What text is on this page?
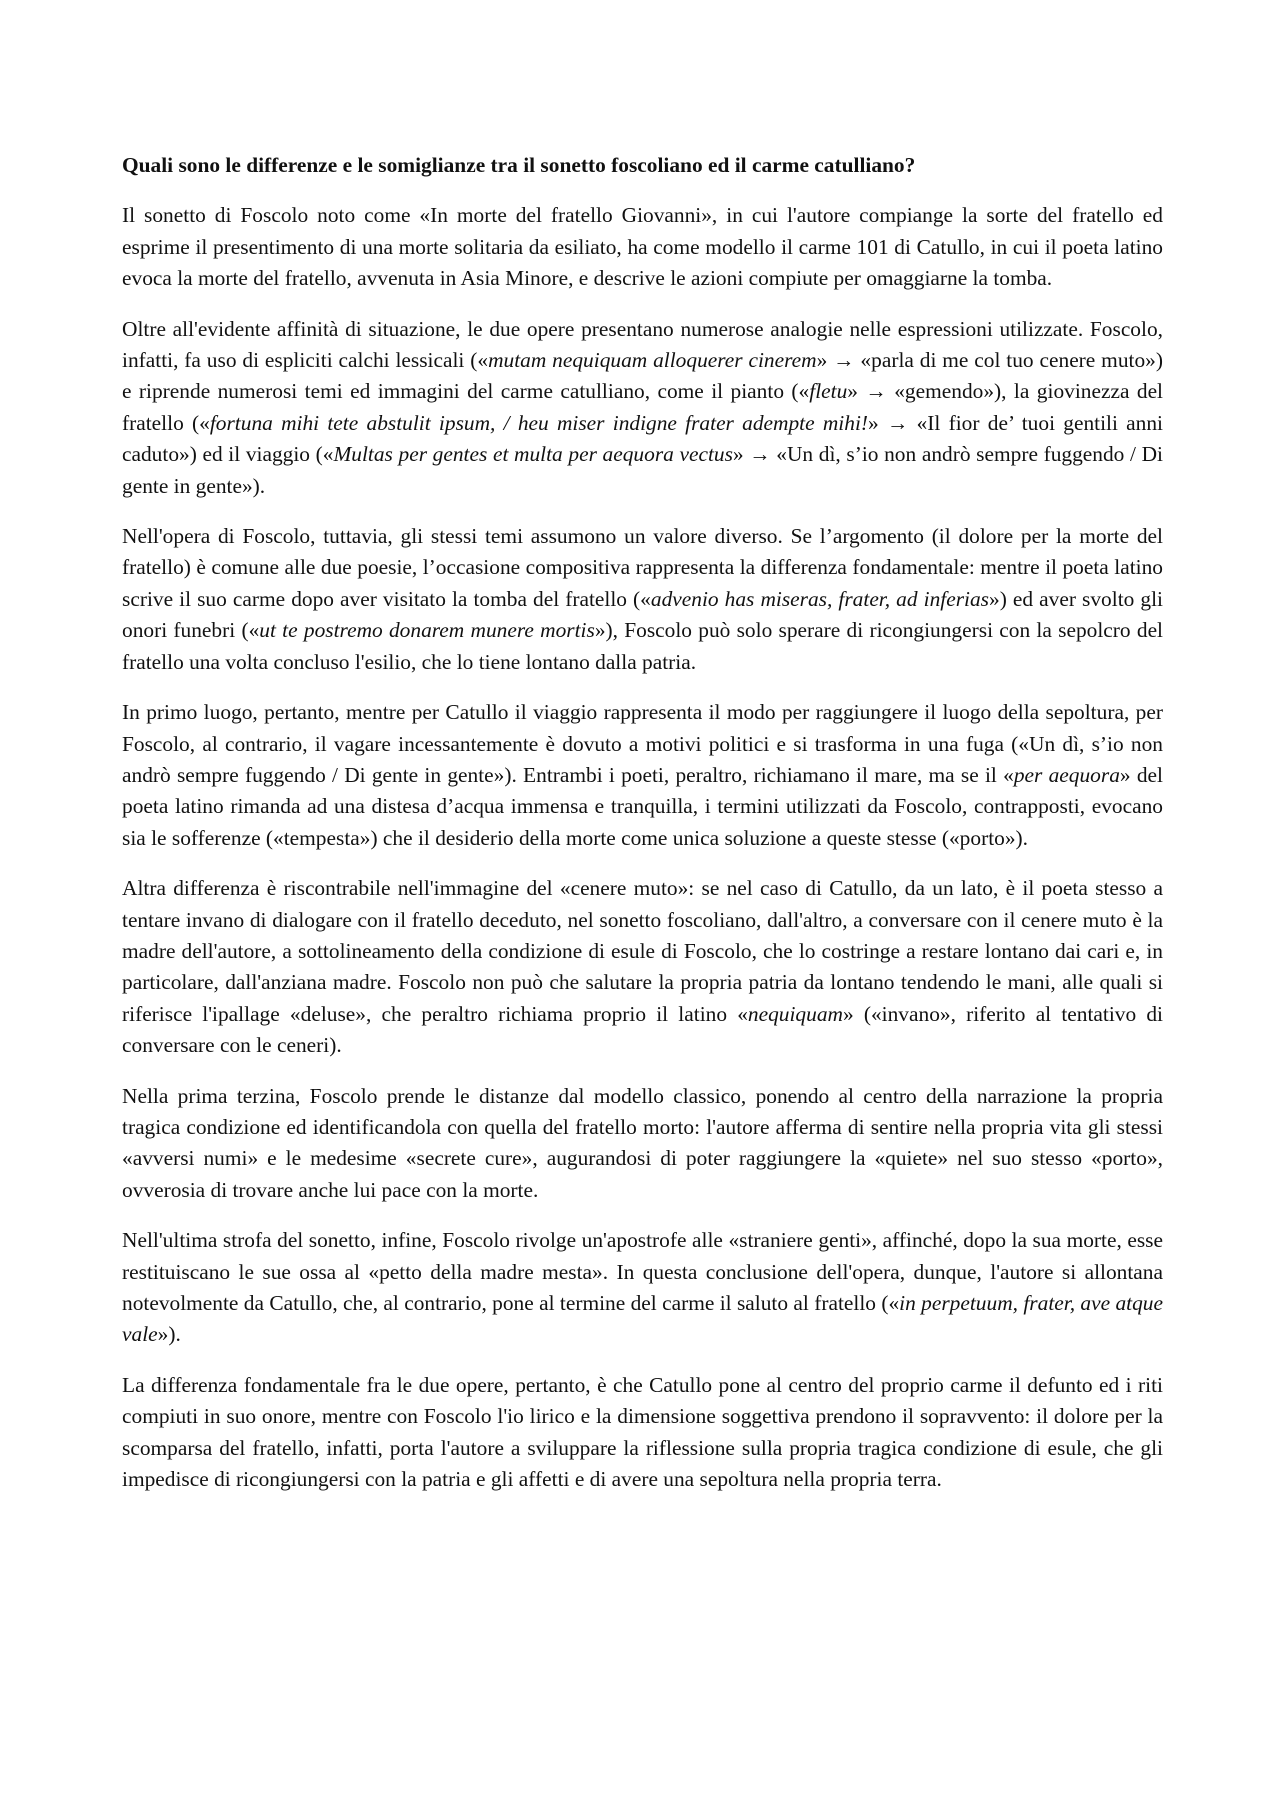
Quali sono le differenze e le somiglianze tra il sonetto foscoliano ed il carme catulliano?

Il sonetto di Foscolo noto come «In morte del fratello Giovanni», in cui l'autore compiange la sorte del fratello ed esprime il presentimento di una morte solitaria da esiliato, ha come modello il carme 101 di Catullo, in cui il poeta latino evoca la morte del fratello, avvenuta in Asia Minore, e descrive le azioni compiute per omaggiarne la tomba.

Oltre all'evidente affinità di situazione, le due opere presentano numerose analogie nelle espressioni utilizzate. Foscolo, infatti, fa uso di espliciti calchi lessicali («mutam nequiquam alloquerer cinerem» → «parla di me col tuo cenere muto») e riprende numerosi temi ed immagini del carme catulliano, come il pianto («fletu» → «gemendo»), la giovinezza del fratello («fortuna mihi tete abstulit ipsum, / heu miser indigne frater adempte mihi!» → «Il fior de’ tuoi gentili anni caduto») ed il viaggio («Multas per gentes et multa per aequora vectus» → «Un dì, s’io non andrò sempre fuggendo / Di gente in gente»).

Nell'opera di Foscolo, tuttavia, gli stessi temi assumono un valore diverso. Se l’argomento (il dolore per la morte del fratello) è comune alle due poesie, l’occasione compositiva rappresenta la differenza fondamentale: mentre il poeta latino scrive il suo carme dopo aver visitato la tomba del fratello («advenio has miseras, frater, ad inferias») ed aver svolto gli onori funebri («ut te postremo donarem munere mortis»), Foscolo può solo sperare di ricongiungersi con la sepolcro del fratello una volta concluso l'esilio, che lo tiene lontano dalla patria.

In primo luogo, pertanto, mentre per Catullo il viaggio rappresenta il modo per raggiungere il luogo della sepoltura, per Foscolo, al contrario, il vagare incessantemente è dovuto a motivi politici e si trasforma in una fuga («Un dì, s’io non andrò sempre fuggendo / Di gente in gente»). Entrambi i poeti, peraltro, richiamano il mare, ma se il «per aequora» del poeta latino rimanda ad una distesa d’acqua immensa e tranquilla, i termini utilizzati da Foscolo, contrapposti, evocano sia le sofferenze («tempesta») che il desiderio della morte come unica soluzione a queste stesse («porto»).

Altra differenza è riscontrabile nell'immagine del «cenere muto»: se nel caso di Catullo, da un lato, è il poeta stesso a tentare invano di dialogare con il fratello deceduto, nel sonetto foscoliano, dall'altro, a conversare con il cenere muto è la madre dell'autore, a sottolineamento della condizione di esule di Foscolo, che lo costringe a restare lontano dai cari e, in particolare, dall'anziana madre. Foscolo non può che salutare la propria patria da lontano tendendo le mani, alle quali si riferisce l'ipallage «deluse», che peraltro richiama proprio il latino «nequiquam» («invano», riferito al tentativo di conversare con le ceneri).

Nella prima terzina, Foscolo prende le distanze dal modello classico, ponendo al centro della narrazione la propria tragica condizione ed identificandola con quella del fratello morto: l'autore afferma di sentire nella propria vita gli stessi «avversi numi» e le medesime «secrete cure», augurandosi di poter raggiungere la «quiete» nel suo stesso «porto», ovverosia di trovare anche lui pace con la morte.

Nell'ultima strofa del sonetto, infine, Foscolo rivolge un'apostrofe alle «straniere genti», affinché, dopo la sua morte, esse restituiscano le sue ossa al «petto della madre mesta». In questa conclusione dell'opera, dunque, l'autore si allontana notevolmente da Catullo, che, al contrario, pone al termine del carme il saluto al fratello («in perpetuum, frater, ave atque vale»).

La differenza fondamentale fra le due opere, pertanto, è che Catullo pone al centro del proprio carme il defunto ed i riti compiuti in suo onore, mentre con Foscolo l'io lirico e la dimensione soggettiva prendono il sopravvento: il dolore per la scomparsa del fratello, infatti, porta l'autore a sviluppare la riflessione sulla propria tragica condizione di esule, che gli impedisce di ricongiungersi con la patria e gli affetti e di avere una sepoltura nella propria terra.
